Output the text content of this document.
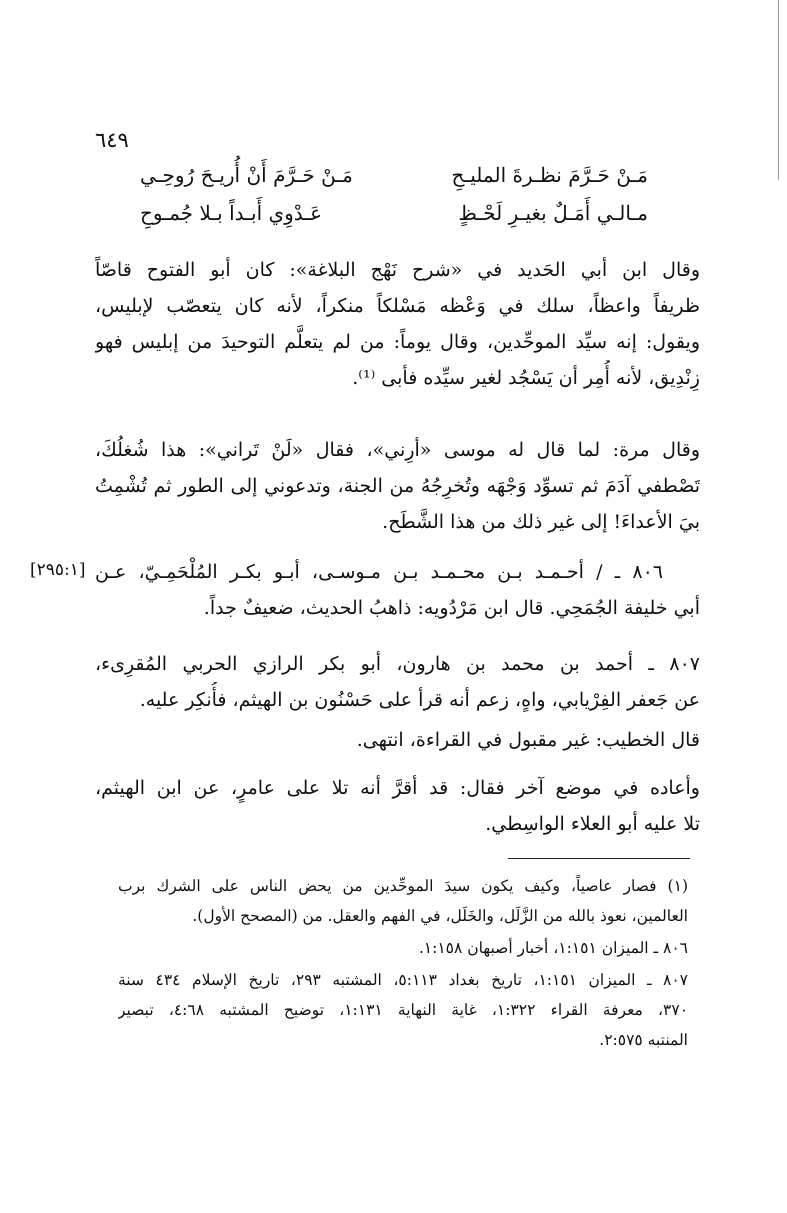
٦٤٩
مَـنْ حَـرَّمَ نظـرةَ المليـحِ
مَـنْ حَـرَّمَ أَنْ أُريـحَ رُوحِـي
مـالـي أَمَـلٌ بغيـرِ لَحْـظٍ
عَـدْوِي أَبـداً بـلا جُمـوحِ
وقال ابن أبي الحَديد في «شرح نَهْج البلاغة»: كان أبو الفتوح قاصّاً
ظريفاً واعظاً، سلك في وَعْظه مَسْلكاً منكراً، لأنه كان يتعصّب لإبليس،
ويقول: إنه سيِّد الموحِّدين، وقال يوماً: من لم يتعلَّم التوحيدَ من إبليس فهو
زِنْدِيق، لأنه أُمِر أن يَسْجُد لغير سيِّده فأبى ⁽¹⁾.
وقال مرة: لما قال له موسى «أرِني»، فقال «لَنْ تَراني»: هذا شُغلُكَ،
تَصْطفي آدَمَ ثم تسوِّد وَجْهَه وتُخرِجُهُ من الجنة، وتدعوني إلى الطور ثم تُشْمِتُ
بيَ الأعداءَ! إلى غير ذلك من هذا الشَّطَح.
[٢٩٥:١] ٨٠٦ ـ / أحـمـد بـن محـمـد بـن مـوسـى، أبـو بكـر المُلْحَمِـيّ، عـن
أبي خليفة الجُمَحِي. قال ابن مَرْدُويه: ذاهبُ الحديث، ضعيفٌ جداً.
٨٠٧ ـ أحمد بن محمد بن هارون، أبو بكر الرازي الحربي المُقرِىء،
عن جَعفر الفِرْيابي، واهٍ، زعم أنه قرأ على حَسْنُون بن الهيثم، فأُنكِر عليه.
قال الخطيب: غير مقبول في القراءة، انتهى.
وأعاده في موضع آخر فقال: قد أقرَّ أنه تلا على عامرٍ، عن ابن الهيثم،
تلا عليه أبو العلاء الواسِطي.
(١) فصار عاصياً، وكيف يكون سيدَ الموحِّدين من يحض الناس على الشرك برب
العالمين، نعوذ بالله من الزَّلَل، والخَلَل، في الفهم والعقل. من (المصحح الأول).
٨٠٦ ـ الميزان ١:١٥١، أخبار أصبهان ١:١٥٨.
٨٠٧ ـ الميزان ١:١٥١، تاريخ بغداد ٥:١١٣، المشتبه ٢٩٣، تاريخ الإسلام ٤٣٤ سنة
٣٧٠، معرفة القراء ١:٣٢٢، غاية النهاية ١:١٣١، توضيح المشتبه ٤:٦٨، تبصير
المنتبه ٢:٥٧٥.
